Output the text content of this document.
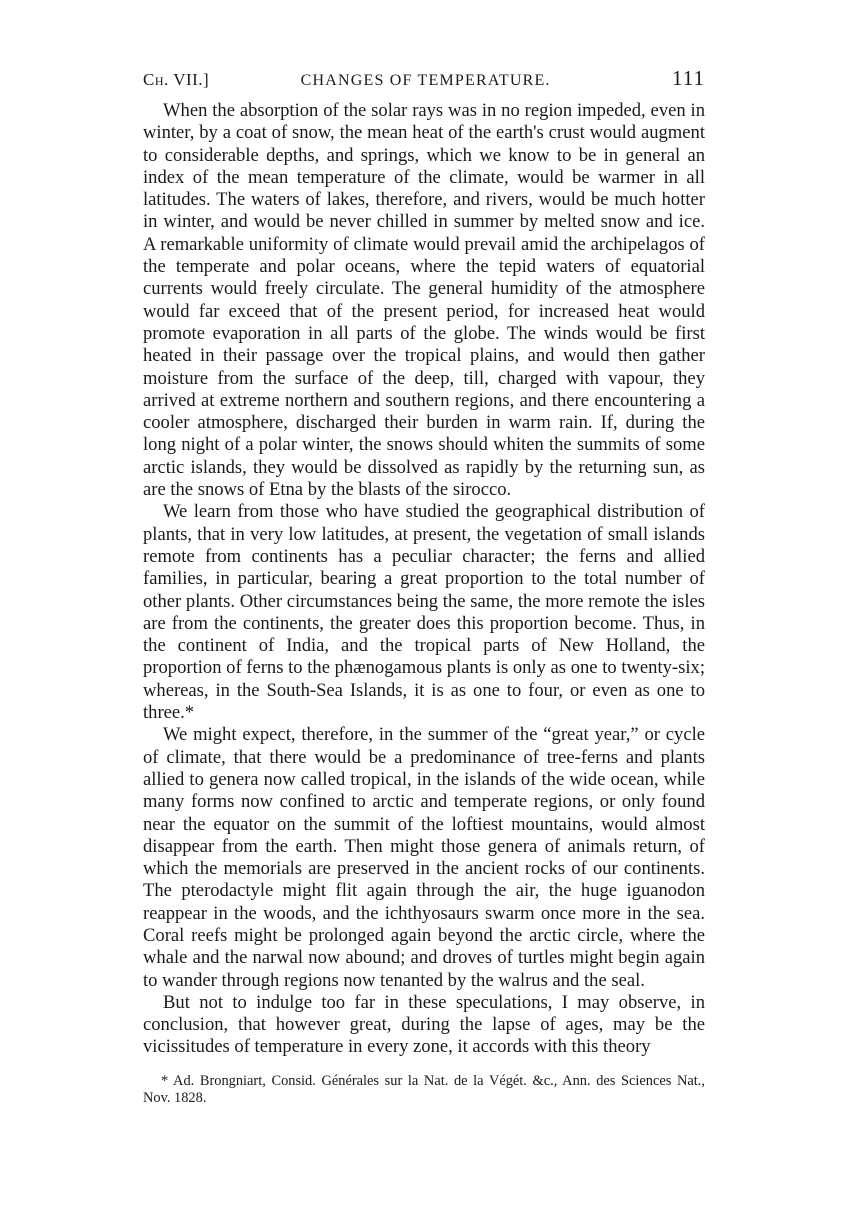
Ch. VII.]	CHANGES OF TEMPERATURE.	111

When the absorption of the solar rays was in no region impeded, even in winter, by a coat of snow, the mean heat of the earth's crust would augment to considerable depths, and springs, which we know to be in general an index of the mean temperature of the climate, would be warmer in all latitudes. The waters of lakes, therefore, and rivers, would be much hotter in winter, and would be never chilled in summer by melted snow and ice. A remarkable uniformity of climate would prevail amid the archipelagos of the temperate and polar oceans, where the tepid waters of equatorial currents would freely circulate. The general humidity of the atmosphere would far exceed that of the present period, for increased heat would promote evaporation in all parts of the globe. The winds would be first heated in their passage over the tropical plains, and would then gather moisture from the surface of the deep, till, charged with vapour, they arrived at extreme northern and southern regions, and there encountering a cooler atmosphere, discharged their burden in warm rain. If, during the long night of a polar winter, the snows should whiten the summits of some arctic islands, they would be dissolved as rapidly by the returning sun, as are the snows of Etna by the blasts of the sirocco.

We learn from those who have studied the geographical distribution of plants, that in very low latitudes, at present, the vegetation of small islands remote from continents has a peculiar character; the ferns and allied families, in particular, bearing a great proportion to the total number of other plants. Other circumstances being the same, the more remote the isles are from the continents, the greater does this proportion become. Thus, in the continent of India, and the tropical parts of New Holland, the proportion of ferns to the phænogamous plants is only as one to twenty-six; whereas, in the South-Sea Islands, it is as one to four, or even as one to three.*

We might expect, therefore, in the summer of the “great year,” or cycle of climate, that there would be a predominance of tree-ferns and plants allied to genera now called tropical, in the islands of the wide ocean, while many forms now confined to arctic and temperate regions, or only found near the equator on the summit of the loftiest mountains, would almost disappear from the earth. Then might those genera of animals return, of which the memorials are preserved in the ancient rocks of our continents. The pterodactyle might flit again through the air, the huge iguanodon reappear in the woods, and the ichthyosaurs swarm once more in the sea. Coral reefs might be prolonged again beyond the arctic circle, where the whale and the narwal now abound; and droves of turtles might begin again to wander through regions now tenanted by the walrus and the seal.

But not to indulge too far in these speculations, I may observe, in conclusion, that however great, during the lapse of ages, may be the vicissitudes of temperature in every zone, it accords with this theory

* Ad. Brongniart, Consid. Générales sur la Nat. de la Végét. &c., Ann. des Sciences Nat., Nov. 1828.
